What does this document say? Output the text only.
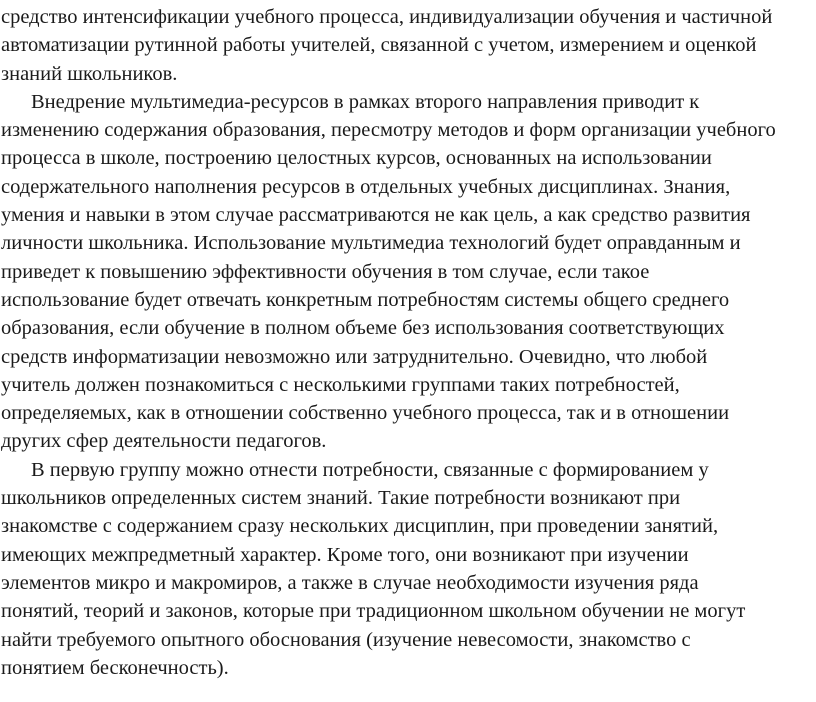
средство интенсификации учебного процесса, индивидуализации обучения и частичной
автоматизации рутинной работы учителей, связанной с учетом, измерением и оценкой
знаний школьников.
Внедрение мультимедиа-ресурсов в рамках второго направления приводит к
изменению содержания образования, пересмотру методов и форм организации учебного
процесса в школе, построению целостных курсов, основанных на использовании
содержательного наполнения ресурсов в отдельных учебных дисциплинах. Знания,
умения и навыки в этом случае рассматриваются не как цель, а как средство развития
личности школьника. Использование мультимедиа технологий будет оправданным и
приведет к повышению эффективности обучения в том случае, если такое
использование будет отвечать конкретным потребностям системы общего среднего
образования, если обучение в полном объеме без использования соответствующих
средств информатизации невозможно или затруднительно. Очевидно, что любой
учитель должен познакомиться с несколькими группами таких потребностей,
определяемых, как в отношении собственно учебного процесса, так и в отношении
других сфер деятельности педагогов.
В первую группу можно отнести потребности, связанные с формированием у
школьников определенных систем знаний. Такие потребности возникают при
знакомстве с содержанием сразу нескольких дисциплин, при проведении занятий,
имеющих межпредметный характер. Кроме того, они возникают при изучении
элементов микро и макромиров, а также в случае необходимости изучения ряда
понятий, теорий и законов, которые при традиционном школьном обучении не могут
найти требуемого опытного обоснования (изучение невесомости, знакомство с
понятием бесконечность).
